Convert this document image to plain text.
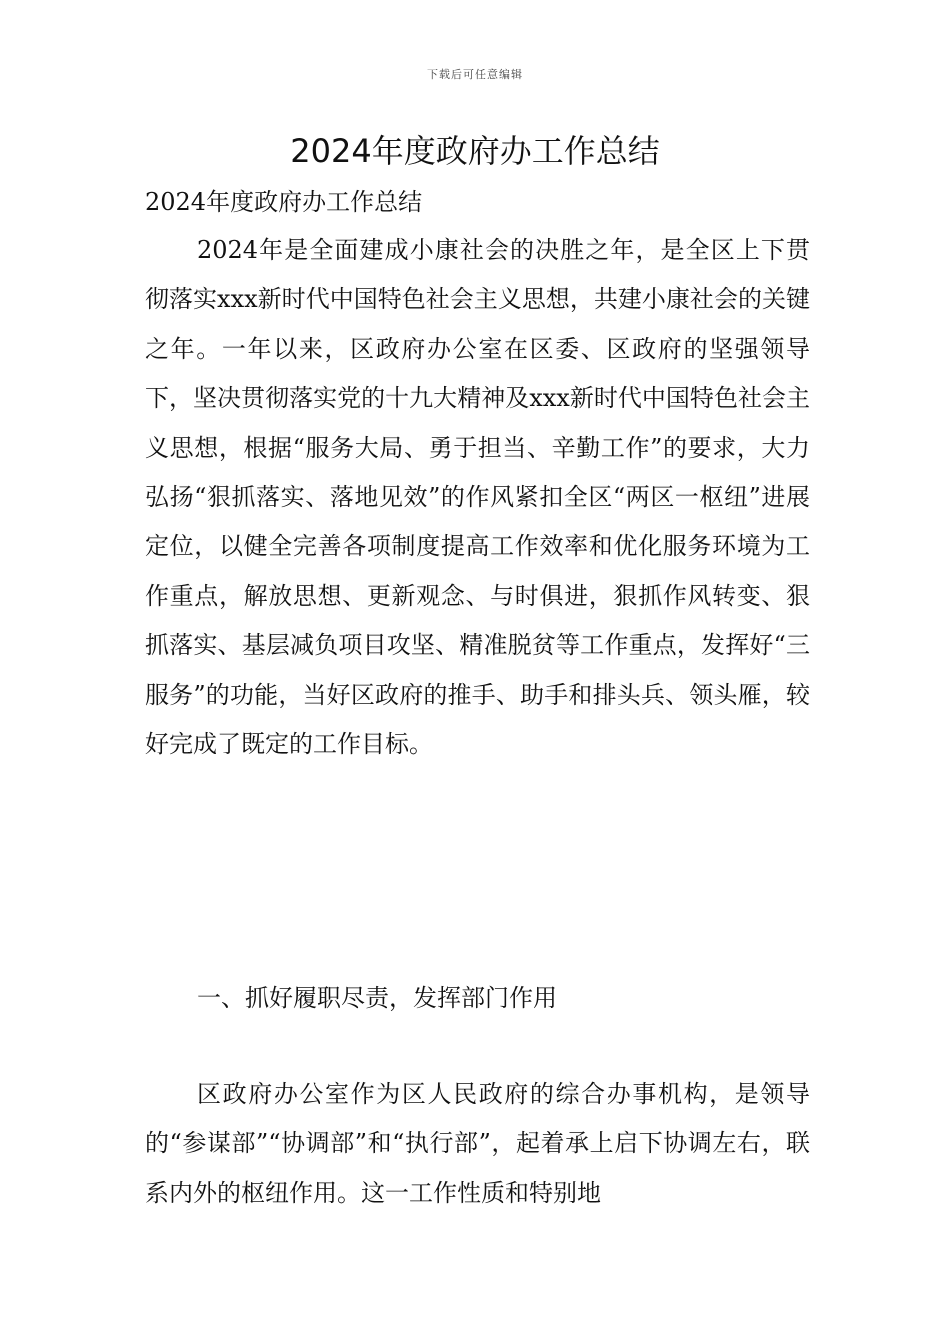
下载后可任意编辑
2024年度政府办工作总结
2024年度政府办工作总结

2024年是全面建成小康社会的决胜之年，是全区上下贯彻落实xxx新时代中国特色社会主义思想，共建小康社会的关键之年。一年以来，区政府办公室在区委、区政府的坚强领导下，坚决贯彻落实党的十九大精神及xxx新时代中国特色社会主义思想，根据“服务大局、勇于担当、辛勤工作”的要求，大力弘扬“狠抓落实、落地见效”的作风紧扣全区“两区一枢纽”进展定位，以健全完善各项制度提高工作效率和优化服务环境为工作重点，解放思想、更新观念、与时俱进，狠抓作风转变、狠抓落实、基层减负项目攻坚、精准脱贫等工作重点，发挥好“三服务”的功能，当好区政府的推手、助手和排头兵、领头雁，较好完成了既定的工作目标。

一、抓好履职尽责，发挥部门作用

区政府办公室作为区人民政府的综合办事机构，是领导的“参谋部”“协调部”和“执行部”，起着承上启下协调左右，联系内外的枢纽作用。这一工作性质和特别地
